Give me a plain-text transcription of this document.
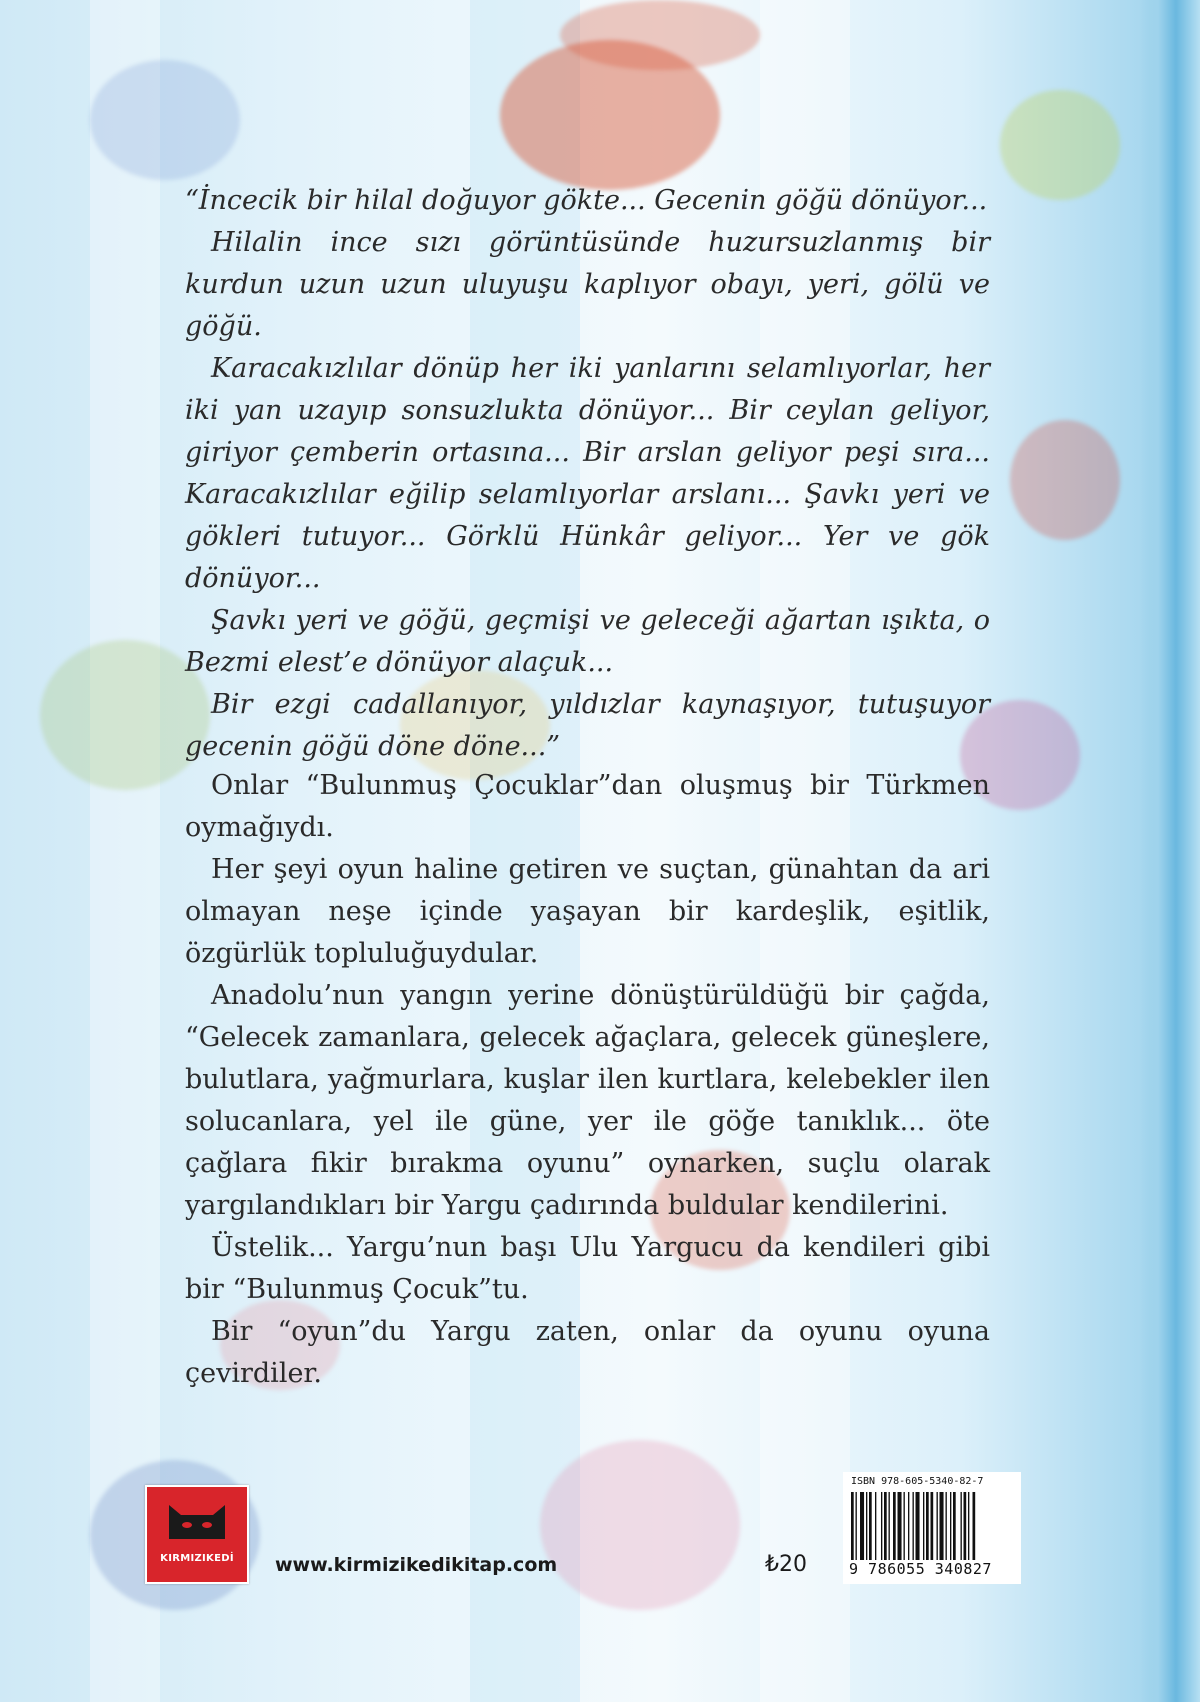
“İncecik bir hilal doğuyor gökte... Gecenin göğü dönüyor...

Hilalin ince sızı görüntüsünde huzursuzlanmış bir kurdun uzun uzun uluyuşu kaplıyor obayı, yeri, gölü ve göğü.

Karacakızlılar dönüp her iki yanlarını selamlıyorlar, her iki yan uzayıp sonsuzlukta dönüyor... Bir ceylan geliyor, giriyor çemberin ortasına... Bir arslan geliyor peşi sıra... Karacakızlılar eğilip selamlıyorlar arslanı... Şavkı yeri ve gökleri tutuyor... Görklü Hünkâr geliyor... Yer ve gök dönüyor...

Şavkı yeri ve göğü, geçmişi ve geleceği ağartan ışıkta, o Bezmi elest’e dönüyor alaçuk...

Bir ezgi cadallanıyor, yıldızlar kaynaşıyor, tutuşuyor gecenin göğü döne döne...”

Onlar “Bulunmuş Çocuklar”dan oluşmuş bir Türkmen oymağıydı.

Her şeyi oyun haline getiren ve suçtan, günahtan da ari olmayan neşe içinde yaşayan bir kardeşlik, eşitlik, özgürlük topluluğuydular.

Anadolu’nun yangın yerine dönüştürüldüğü bir çağda, “Gelecek zamanlara, gelecek ağaçlara, gelecek güneşlere, bulutlara, yağmurlara, kuşlar ilen kurtlara, kelebekler ilen solucanlara, yel ile güne, yer ile göğe tanıklık... öte çağlara fikir bırakma oyunu” oynarken, suçlu olarak yargılandıkları bir Yargu çadırında buldular kendilerini.

Üstelik... Yargu’nun başı Ulu Yargucu da kendileri gibi bir “Bulunmuş Çocuk”tu.

Bir “oyun”du Yargu zaten, onlar da oyunu oyuna çevirdiler.

KIRMIZIKEDİ	www.kirmizikedikitap.com	₺20
ISBN 978-605-5340-82-7
9 786055 340827
